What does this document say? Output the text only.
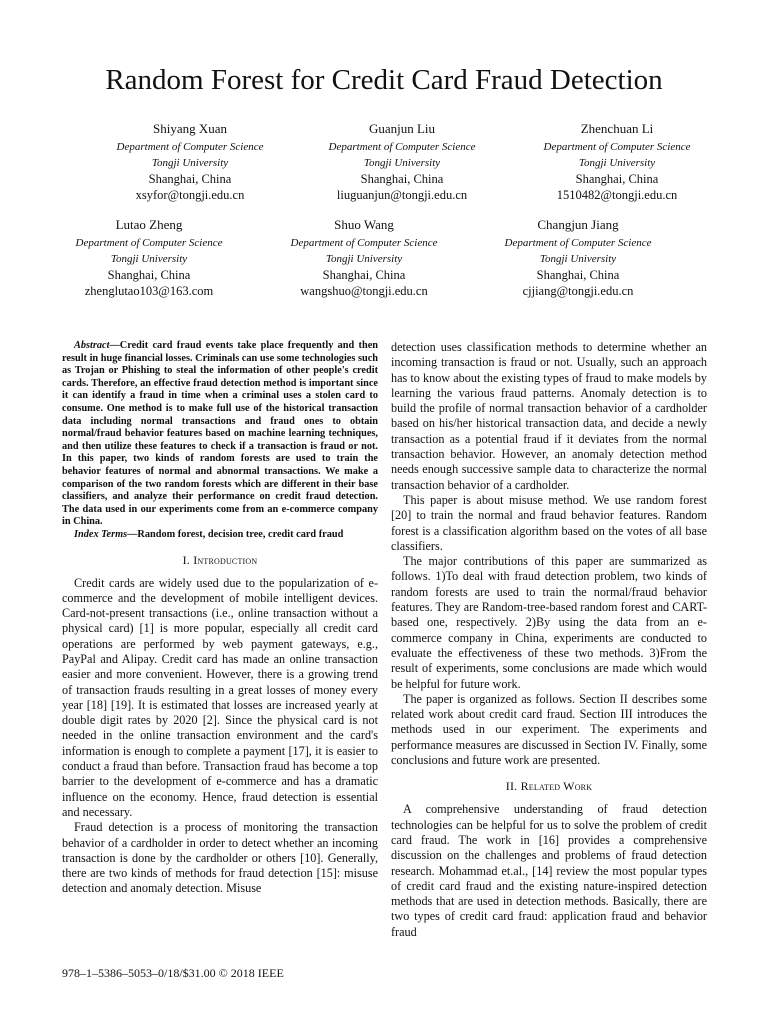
Random Forest for Credit Card Fraud Detection
Shiyang Xuan
Department of Computer Science
Tongji University
Shanghai, China
xsyfor@tongji.edu.cn
Guanjun Liu
Department of Computer Science
Tongji University
Shanghai, China
liuguanjun@tongji.edu.cn
Zhenchuan Li
Department of Computer Science
Tongji University
Shanghai, China
1510482@tongji.edu.cn
Lutao Zheng
Department of Computer Science
Tongji University
Shanghai, China
zhenglutao103@163.com
Shuo Wang
Department of Computer Science
Tongji University
Shanghai, China
wangshuo@tongji.edu.cn
Changjun Jiang
Department of Computer Science
Tongji University
Shanghai, China
cjjiang@tongji.edu.cn

Abstract—Credit card fraud events take place frequently and then result in huge financial losses. Criminals can use some technologies such as Trojan or Phishing to steal the information of other people's credit cards. Therefore, an effective fraud detection method is important since it can identify a fraud in time when a criminal uses a stolen card to consume. One method is to make full use of the historical transaction data including normal transactions and fraud ones to obtain normal/fraud behavior features based on machine learning techniques, and then utilize these features to check if a transaction is fraud or not. In this paper, two kinds of random forests are used to train the behavior features of normal and abnormal transactions. We make a comparison of the two random forests which are different in their base classifiers, and analyze their performance on credit fraud detection. The data used in our experiments come from an e-commerce company in China.

Index Terms—Random forest, decision tree, credit card fraud

I. Introduction

Credit cards are widely used due to the popularization of e-commerce and the development of mobile intelligent devices. Card-not-present transactions (i.e., online transaction without a physical card) [1] is more popular, especially all credit card operations are performed by web payment gateways, e.g., PayPal and Alipay. Credit card has made an online transaction easier and more convenient. However, there is a growing trend of transaction frauds resulting in a great losses of money every year [18] [19]. It is estimated that losses are increased yearly at double digit rates by 2020 [2]. Since the physical card is not needed in the online transaction environment and the card's information is enough to complete a payment [17], it is easier to conduct a fraud than before. Transaction fraud has become a top barrier to the development of e-commerce and has a dramatic influence on the economy. Hence, fraud detection is essential and necessary.

Fraud detection is a process of monitoring the transaction behavior of a cardholder in order to detect whether an incoming transaction is done by the cardholder or others [10]. Generally, there are two kinds of methods for fraud detection [15]: misuse detection and anomaly detection. Misuse

detection uses classification methods to determine whether an incoming transaction is fraud or not. Usually, such an approach has to know about the existing types of fraud to make models by learning the various fraud patterns. Anomaly detection is to build the profile of normal transaction behavior of a cardholder based on his/her historical transaction data, and decide a newly transaction as a potential fraud if it deviates from the normal transaction behavior. However, an anomaly detection method needs enough successive sample data to characterize the normal transaction behavior of a cardholder.

This paper is about misuse method. We use random forest [20] to train the normal and fraud behavior features. Random forest is a classification algorithm based on the votes of all base classifiers.

The major contributions of this paper are summarized as follows. 1)To deal with fraud detection problem, two kinds of random forests are used to train the normal/fraud behavior features. They are Random-tree-based random forest and CART-based one, respectively. 2)By using the data from an e-commerce company in China, experiments are conducted to evaluate the effectiveness of these two methods. 3)From the result of experiments, some conclusions are made which would be helpful for future work.

The paper is organized as follows. Section II describes some related work about credit card fraud. Section III introduces the methods used in our experiment. The experiments and performance measures are discussed in Section IV. Finally, some conclusions and future work are presented.

II. Related Work

A comprehensive understanding of fraud detection technologies can be helpful for us to solve the problem of credit card fraud. The work in [16] provides a comprehensive discussion on the challenges and problems of fraud detection research. Mohammad et.al., [14] review the most popular types of credit card fraud and the existing nature-inspired detection methods that are used in detection methods. Basically, there are two types of credit card fraud: application fraud and behavior fraud

978–1–5386–5053–0/18/$31.00 © 2018 IEEE
